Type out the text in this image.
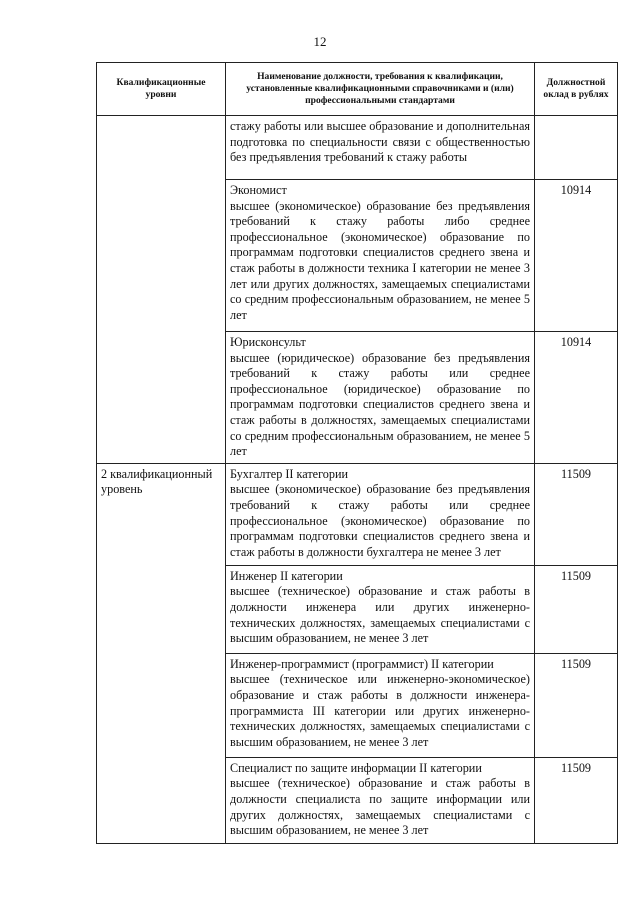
12
Квалификационные уровни	Наименование должности, требования к квалификации, установленные квалификационными справочниками и (или) профессиональными стандартами	Должностной оклад в рублях

	стажу работы или высшее образование и дополнительная подготовка по специальности связи с общественностью без предъявления требований к стажу работы	

	Экономист
высшее (экономическое) образование без предъявления требований к стажу работы либо среднее профессиональное (экономическое) образование по программам подготовки специалистов среднего звена и стаж работы в должности техника I категории не менее 3 лет или других должностях, замещаемых специалистами со средним профессиональным образованием, не менее 5 лет	10914

	Юрисконсульт
высшее (юридическое) образование без предъявления требований к стажу работы или среднее профессиональное (юридическое) образование по программам подготовки специалистов среднего звена и стаж работы в должностях, замещаемых специалистами со средним профессиональным образованием, не менее 5 лет	10914
2 квалификационный уровень	Бухгалтер II категории
высшее (экономическое) образование без предъявления требований к стажу работы или среднее профессиональное (экономическое) образование по программам подготовки специалистов среднего звена и стаж работы в должности бухгалтера не менее 3 лет	11509

	Инженер II категории
высшее (техническое) образование и стаж работы в должности инженера или других инженерно-технических должностях, замещаемых специалистами с высшим образованием, не менее 3 лет	11509

	Инженер-программист (программист) II категории
высшее (техническое или инженерно-экономическое) образование и стаж работы в должности инженера-программиста III категории или других инженерно-технических должностях, замещаемых специалистами с высшим образованием, не менее 3 лет	11509

	Специалист по защите информации II категории
высшее (техническое) образование и стаж работы в должности специалиста по защите информации или других должностях, замещаемых специалистами с высшим образованием, не менее 3 лет	11509
